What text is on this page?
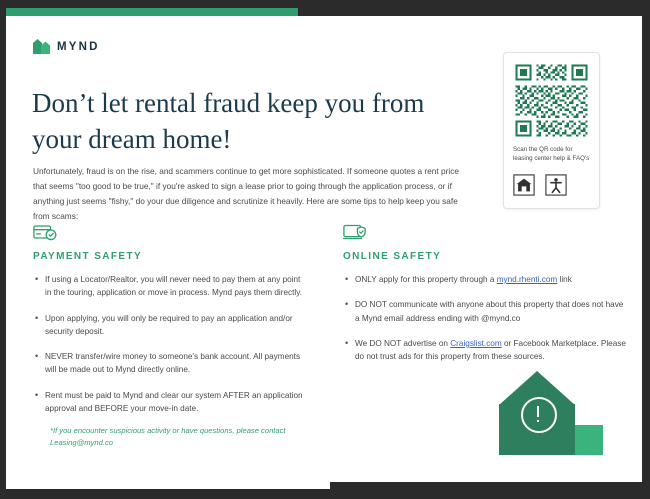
MYND
Don’t let rental fraud keep you from your dream home!

Unfortunately, fraud is on the rise, and scammers continue to get more sophisticated. If someone quotes a rent price that seems "too good to be true," if you're asked to sign a lease prior to going through the application process, or if anything just seems "fishy," do your due diligence and scrutinize it heavily. Here are some tips to help keep you safe from scams:

Scan the QR code for leasing center help & FAQ's
PAYMENT SAFETY
• If using a Locator/Realtor, you will never need to pay them at any point in the touring, application or move in process. Mynd pays them directly.
• Upon applying, you will only be required to pay an application and/or security deposit.
• NEVER transfer/wire money to someone's bank account. All payments will be made out to Mynd directly online.
• Rent must be paid to Mynd and clear our system AFTER an application approval and BEFORE your move-in date.
ONLINE SAFETY
• ONLY apply for this property through a mynd.rhenti.com link
• DO NOT communicate with anyone about this property that does not have a Mynd email address ending with @mynd.co
• We DO NOT advertise on Craigslist.com or Facebook Marketplace. Please do not trust ads for this property from these sources.
*If you encounter suspicious activity or have questions, please contact Leasing@mynd.co
